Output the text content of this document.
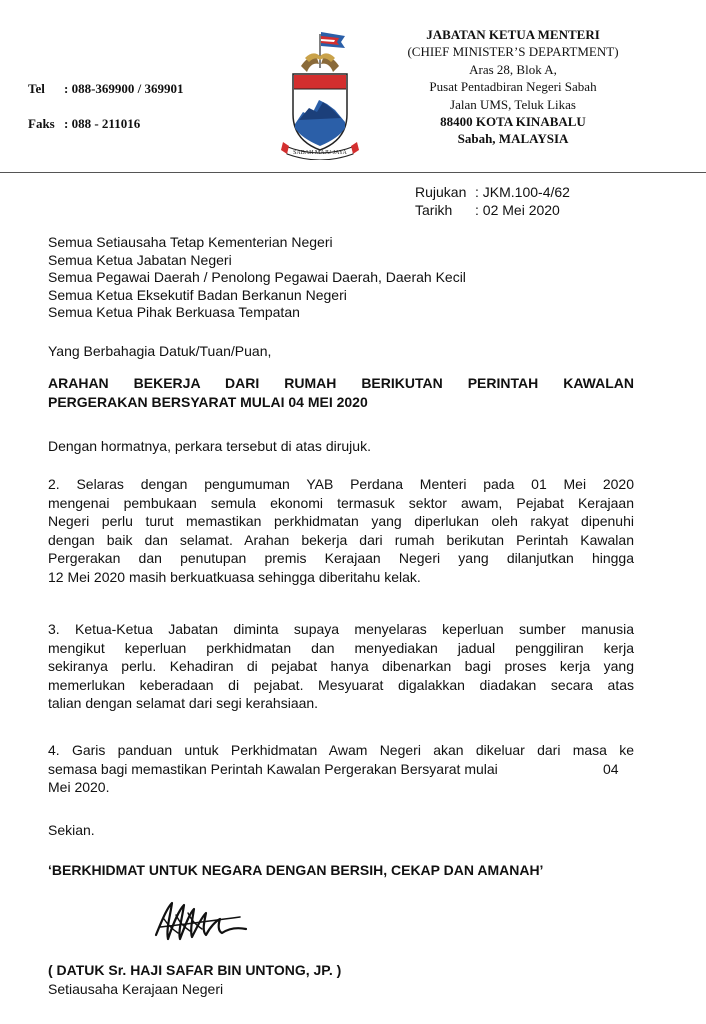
Tel : 088-369900 / 369901
Faks : 088 - 211016
SABAH MAJU JAYA
JABATAN KETUA MENTERI
(CHIEF MINISTER’S DEPARTMENT)
Aras 28, Blok A,
Pusat Pentadbiran Negeri Sabah
Jalan UMS, Teluk Likas
88400 KOTA KINABALU
Sabah, MALAYSIA
Rujukan : JKM.100-4/62
Tarikh : 02 Mei 2020
Semua Setiausaha Tetap Kementerian Negeri
Semua Ketua Jabatan Negeri
Semua Pegawai Daerah / Penolong Pegawai Daerah, Daerah Kecil
Semua Ketua Eksekutif Badan Berkanun Negeri
Semua Ketua Pihak Berkuasa Tempatan
Yang Berbahagia Datuk/Tuan/Puan,
ARAHAN BEKERJA DARI RUMAH BERIKUTAN PERINTAH KAWALAN
PERGERAKAN BERSYARAT MULAI 04 MEI 2020
Dengan hormatnya, perkara tersebut di atas dirujuk.
2. Selaras dengan pengumuman YAB Perdana Menteri pada 01 Mei 2020
mengenai pembukaan semula ekonomi termasuk sektor awam, Pejabat Kerajaan
Negeri perlu turut memastikan perkhidmatan yang diperlukan oleh rakyat dipenuhi
dengan baik dan selamat. Arahan bekerja dari rumah berikutan Perintah Kawalan
Pergerakan dan penutupan premis Kerajaan Negeri yang dilanjutkan hingga
12 Mei 2020 masih berkuatkuasa sehingga diberitahu kelak.
3. Ketua-Ketua Jabatan diminta supaya menyelaras keperluan sumber manusia
mengikut keperluan perkhidmatan dan menyediakan jadual penggiliran kerja
sekiranya perlu. Kehadiran di pejabat hanya dibenarkan bagi proses kerja yang
memerlukan keberadaan di pejabat. Mesyuarat digalakkan diadakan secara atas
talian dengan selamat dari segi kerahsiaan.
4. Garis panduan untuk Perkhidmatan Awam Negeri akan dikeluar dari masa ke
semasa bagi memastikan Perintah Kawalan Pergerakan Bersyarat mulai	04
Mei 2020.
Sekian.
‘BERKHIDMAT UNTUK NEGARA DENGAN BERSIH, CEKAP DAN AMANAH’
( DATUK Sr. HAJI SAFAR BIN UNTONG, JP. )
Setiausaha Kerajaan Negeri
